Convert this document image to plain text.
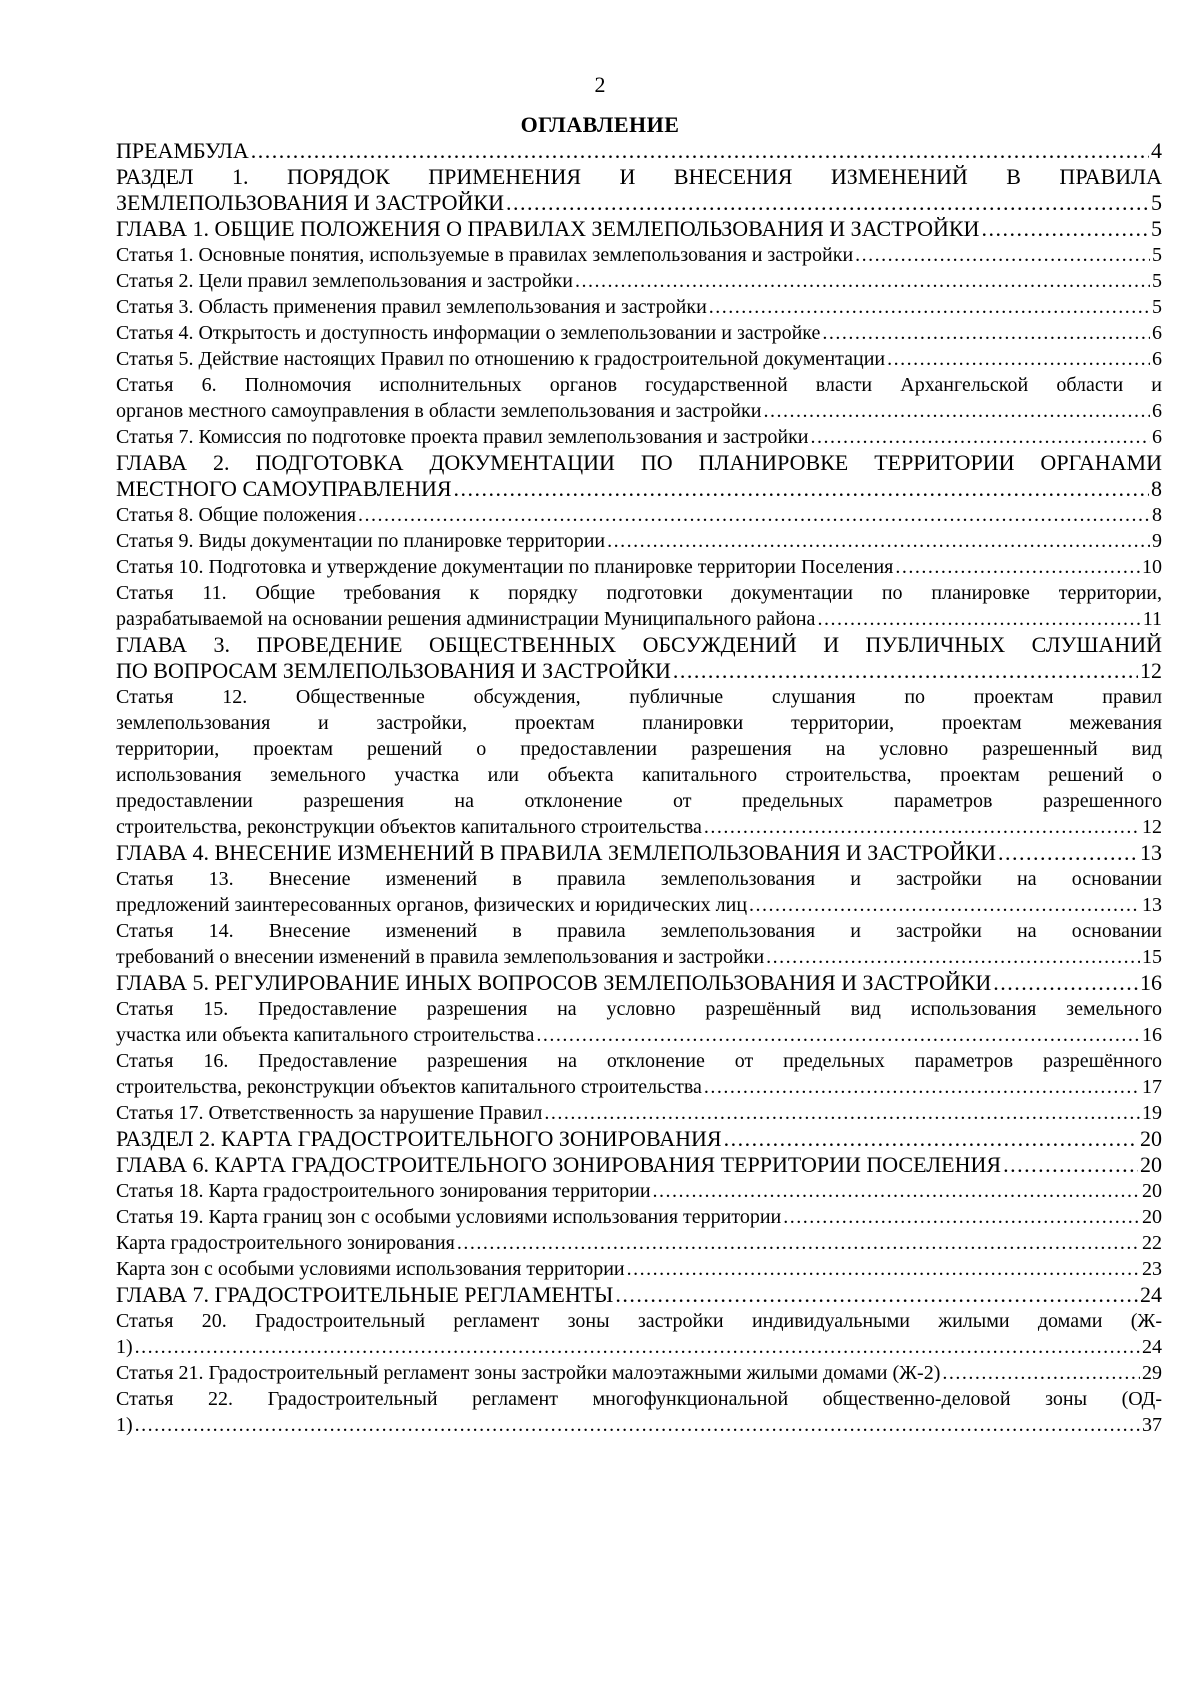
2
ОГЛАВЛЕНИЕ
ПРЕАМБУЛА .....	4
РАЗДЕЛ 1. ПОРЯДОК ПРИМЕНЕНИЯ И ВНЕСЕНИЯ ИЗМЕНЕНИЙ В ПРАВИЛА
ЗЕМЛЕПОЛЬЗОВАНИЯ И ЗАСТРОЙКИ .....	5
ГЛАВА 1. ОБЩИЕ ПОЛОЖЕНИЯ О ПРАВИЛАХ ЗЕМЛЕПОЛЬЗОВАНИЯ И ЗАСТРОЙКИ .....	5
Статья 1. Основные понятия, используемые в правилах землепользования и застройки .....	5
Статья 2. Цели правил землепользования и застройки .....	5
Статья 3. Область применения правил землепользования и застройки .....	5
Статья 4. Открытость и доступность информации о землепользовании и застройке .....	6
Статья 5. Действие настоящих Правил по отношению к градостроительной документации .....	6
Статья 6. Полномочия исполнительных органов государственной власти Архангельской области и
органов местного самоуправления в области землепользования и застройки .....	6
Статья 7. Комиссия по подготовке проекта правил землепользования и застройки .....	6
ГЛАВА 2. ПОДГОТОВКА ДОКУМЕНТАЦИИ ПО ПЛАНИРОВКЕ ТЕРРИТОРИИ ОРГАНАМИ
МЕСТНОГО САМОУПРАВЛЕНИЯ .....	8
Статья 8. Общие положения .....	8
Статья 9. Виды документации по планировке территории .....	9
Статья 10. Подготовка и утверждение документации по планировке территории Поселения .....	10
Статья 11. Общие требования к порядку подготовки документации по планировке территории,
разрабатываемой на основании решения администрации Муниципального района .....	11
ГЛАВА 3. ПРОВЕДЕНИЕ ОБЩЕСТВЕННЫХ ОБСУЖДЕНИЙ И ПУБЛИЧНЫХ СЛУШАНИЙ
ПО ВОПРОСАМ ЗЕМЛЕПОЛЬЗОВАНИЯ И ЗАСТРОЙКИ .....	12
Статья 12. Общественные обсуждения, публичные слушания по проектам правил
землепользования и застройки, проектам планировки территории, проектам межевания
территории, проектам решений о предоставлении разрешения на условно разрешенный вид
использования земельного участка или объекта капитального строительства, проектам решений о
предоставлении разрешения на отклонение от предельных параметров разрешенного
строительства, реконструкции объектов капитального строительства .....	12
ГЛАВА 4. ВНЕСЕНИЕ ИЗМЕНЕНИЙ В ПРАВИЛА ЗЕМЛЕПОЛЬЗОВАНИЯ И ЗАСТРОЙКИ .....	13
Статья 13. Внесение изменений в правила землепользования и застройки на основании
предложений заинтересованных органов, физических и юридических лиц .....	13
Статья 14. Внесение изменений в правила землепользования и застройки на основании
требований о внесении изменений в правила землепользования и застройки .....	15
ГЛАВА 5. РЕГУЛИРОВАНИЕ ИНЫХ ВОПРОСОВ ЗЕМЛЕПОЛЬЗОВАНИЯ И ЗАСТРОЙКИ .....	16
Статья 15. Предоставление разрешения на условно разрешённый вид использования земельного
участка или объекта капитального строительства .....	16
Статья 16. Предоставление разрешения на отклонение от предельных параметров разрешённого
строительства, реконструкции объектов капитального строительства .....	17
Статья 17. Ответственность за нарушение Правил .....	19
РАЗДЕЛ 2. КАРТА ГРАДОСТРОИТЕЛЬНОГО ЗОНИРОВАНИЯ .....	20
ГЛАВА 6. КАРТА ГРАДОСТРОИТЕЛЬНОГО ЗОНИРОВАНИЯ ТЕРРИТОРИИ ПОСЕЛЕНИЯ .....	20
Статья 18. Карта градостроительного зонирования территории .....	20
Статья 19. Карта границ зон с особыми условиями использования территории .....	20
Карта градостроительного зонирования .....	22
Карта зон с особыми условиями использования территории .....	23
ГЛАВА 7. ГРАДОСТРОИТЕЛЬНЫЕ РЕГЛАМЕНТЫ .....	24
Статья 20. Градостроительный регламент зоны застройки индивидуальными жилыми домами (Ж-
1) .....	24
Статья 21. Градостроительный регламент зоны застройки малоэтажными жилыми домами (Ж-2) .....	29
Статья 22. Градостроительный регламент многофункциональной общественно-деловой зоны (ОД-
1) .....	37
